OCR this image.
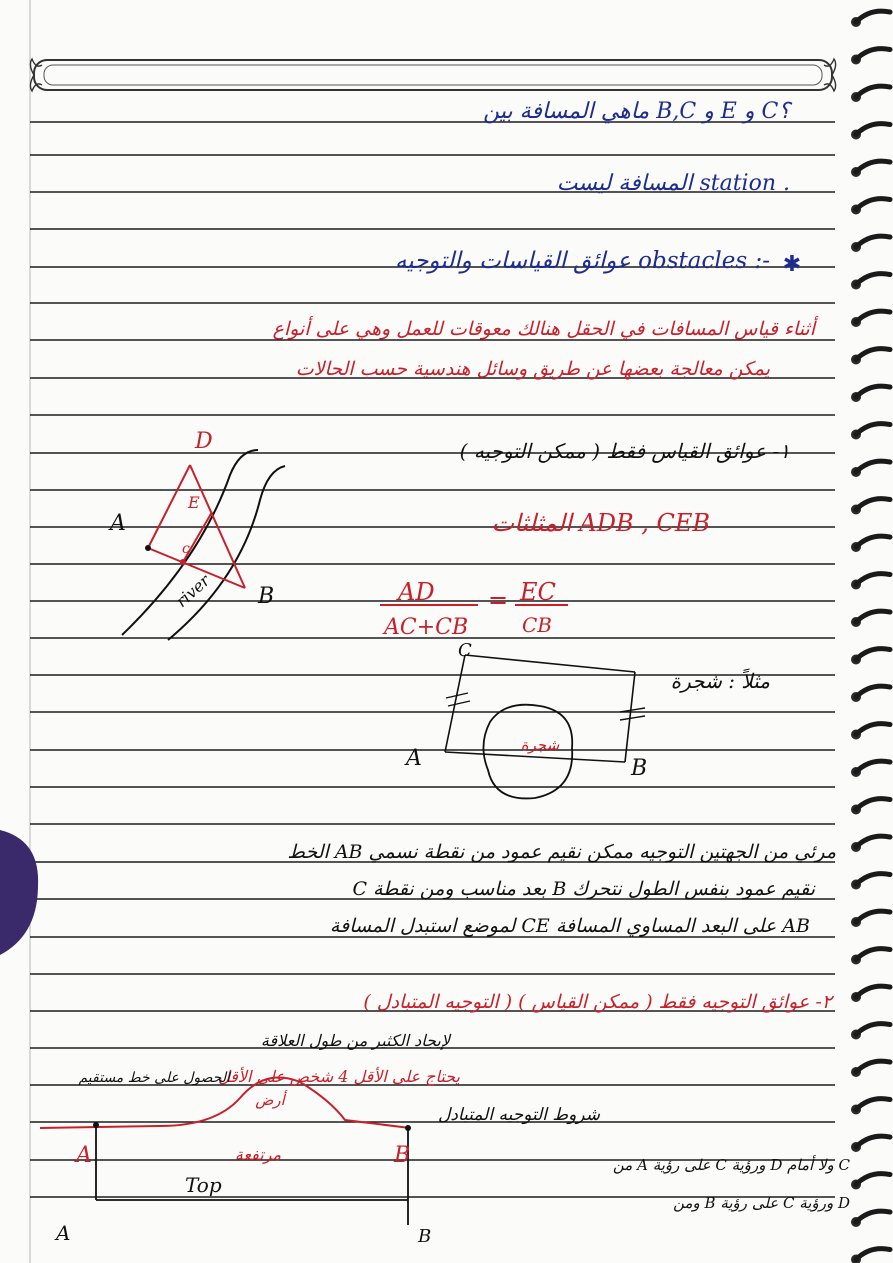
ماهي المسافة بين B,C و E و C؟
المسافة ليست station .
✱
عوائق القياسات والتوجيه obstacles :-
أثناء قياس المسافات في الحقل هنالك معوقات للعمل وهي على أنواع
يمكن معالجة بعضها عن طريق وسائل هندسية حسب الحالات
١- عوائق القياس فقط ( ممكن التوجيه )
المثلثات ADB , CEB
AD
AC+CB
= EC
CB
مثلاً : شجرة
D
A
E
c
B
river
شجرة
C
A	B
الخط AB مرئي من الجهتين التوجيه ممكن نقيم عمود من نقطة نسمي
C بعد مناسب ومن نقطة B نقيم عمود بنفس الطول نتحرك
لموضع استبدل المسافة CE على البعد المساوي المسافة AB
٢- عوائق التوجيه فقط ( ممكن القياس ) ( التوجيه المتبادل )
لإيجاد الكثير من طول العلاقة
يحتاج على الأقل 4 شخص على الأقل
الحصول على خط مستقيم
شروط التوجيه المتبادل
من A على رؤية C ورؤية D ولا أمام C
ومن B على رؤية C ورؤية D
أرض
مرتفعة
A	B
A	B
Top
